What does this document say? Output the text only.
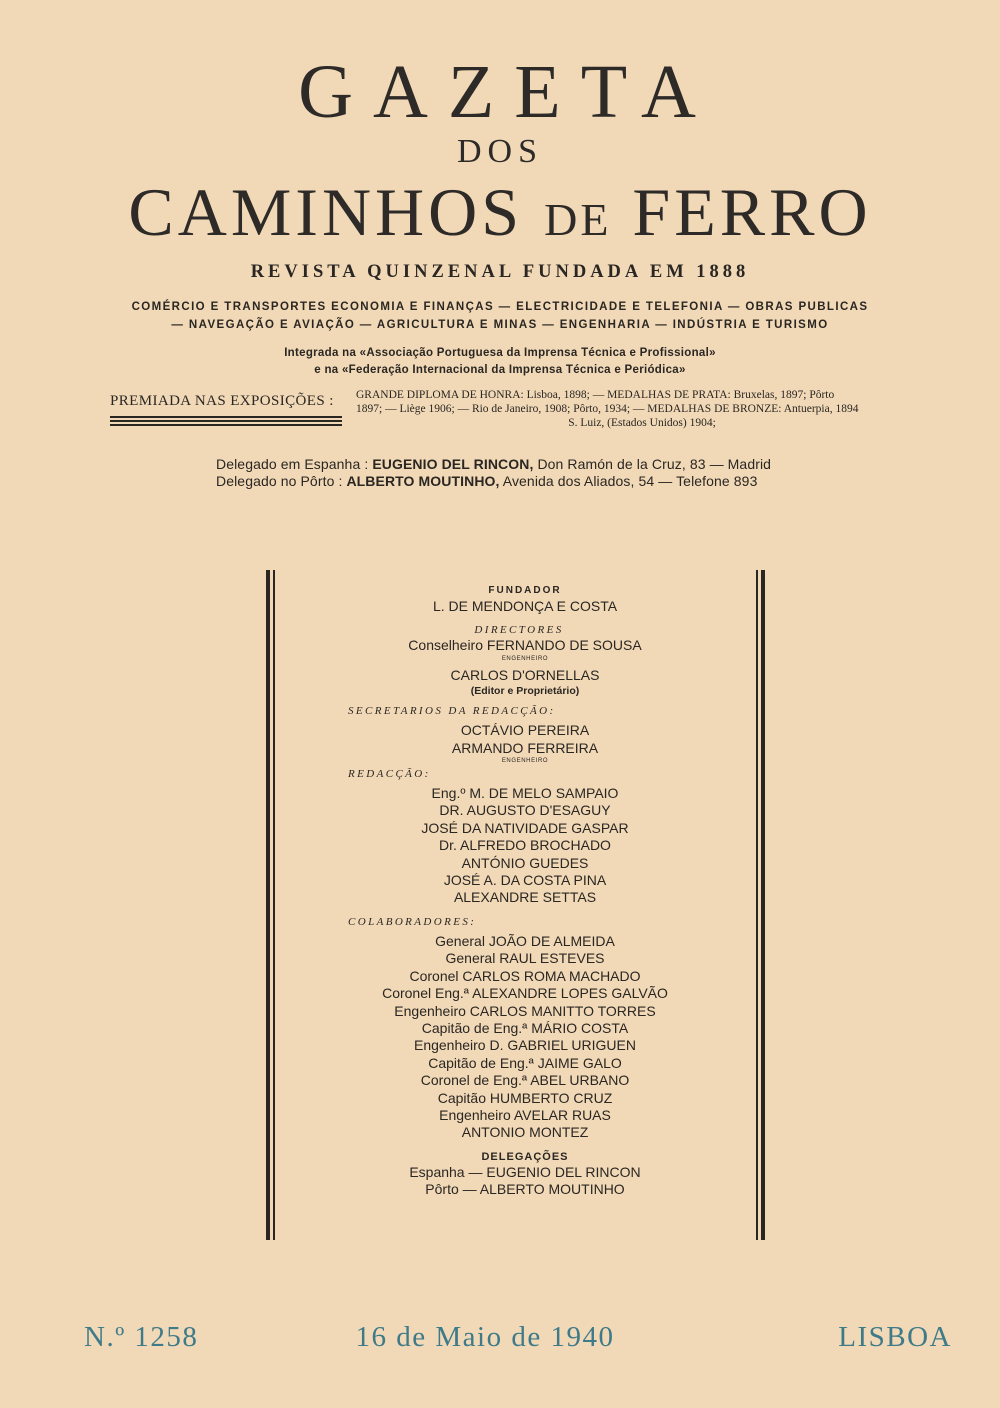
GAZETA
DOS
CAMINHOS DE FERRO
REVISTA QUINZENAL FUNDADA EM 1888
COMÉRCIO E TRANSPORTES ECONOMIA E FINANÇAS — ELECTRICIDADE E TELEFONIA — OBRAS PUBLICAS
— NAVEGAÇÃO E AVIAÇÃO — AGRICULTURA E MINAS — ENGENHARIA — INDÚSTRIA E TURISMO
Integrada na «Associação Portuguesa da Imprensa Técnica e Profissional»
e na «Federação Internacional da Imprensa Técnica e Periódica»
PREMIADA NAS EXPOSIÇÕES : GRANDE DIPLOMA DE HONRA: Lisboa, 1898; — MEDALHAS DE PRATA: Bruxelas, 1897; Pôrto
1897; — Liège 1906; — Rio de Janeiro, 1908; Pôrto, 1934; — MEDALHAS DE BRONZE: Antuerpia, 1894
S. Luiz, (Estados Unidos) 1904;
Delegado em Espanha : EUGENIO DEL RINCON, Don Ramón de la Cruz, 83 — Madrid
Delegado no Pôrto : ALBERTO MOUTINHO, Avenida dos Aliados, 54 — Telefone 893
FUNDADOR
L. DE MENDONÇA E COSTA
DIRECTORES
Conselheiro FERNANDO DE SOUSA
ENGENHEIRO
CARLOS D'ORNELLAS
(Editor e Proprietário)
SECRETARIOS DA REDACÇÃO:
OCTÁVIO PEREIRA
ARMANDO FERREIRA
ENGENHEIRO
REDACÇÃO:
Eng.º M. DE MELO SAMPAIO
DR. AUGUSTO D'ESAGUY
JOSÉ DA NATIVIDADE GASPAR
Dr. ALFREDO BROCHADO
ANTÓNIO GUEDES
JOSÉ A. DA COSTA PINA
ALEXANDRE SETTAS
COLABORADORES:
General JOÃO DE ALMEIDA
General RAUL ESTEVES
Coronel CARLOS ROMA MACHADO
Coronel Eng.ª ALEXANDRE LOPES GALVÃO
Engenheiro CARLOS MANITTO TORRES
Capitão de Eng.ª MÁRIO COSTA
Engenheiro D. GABRIEL URIGUEN
Capitão de Eng.ª JAIME GALO
Coronel de Eng.ª ABEL URBANO
Capitão HUMBERTO CRUZ
Engenheiro AVELAR RUAS
ANTONIO MONTEZ
DELEGAÇÕES
Espanha — EUGENIO DEL RINCON
Pôrto — ALBERTO MOUTINHO
N.º 1258	16 de Maio de 1940	LISBOA
